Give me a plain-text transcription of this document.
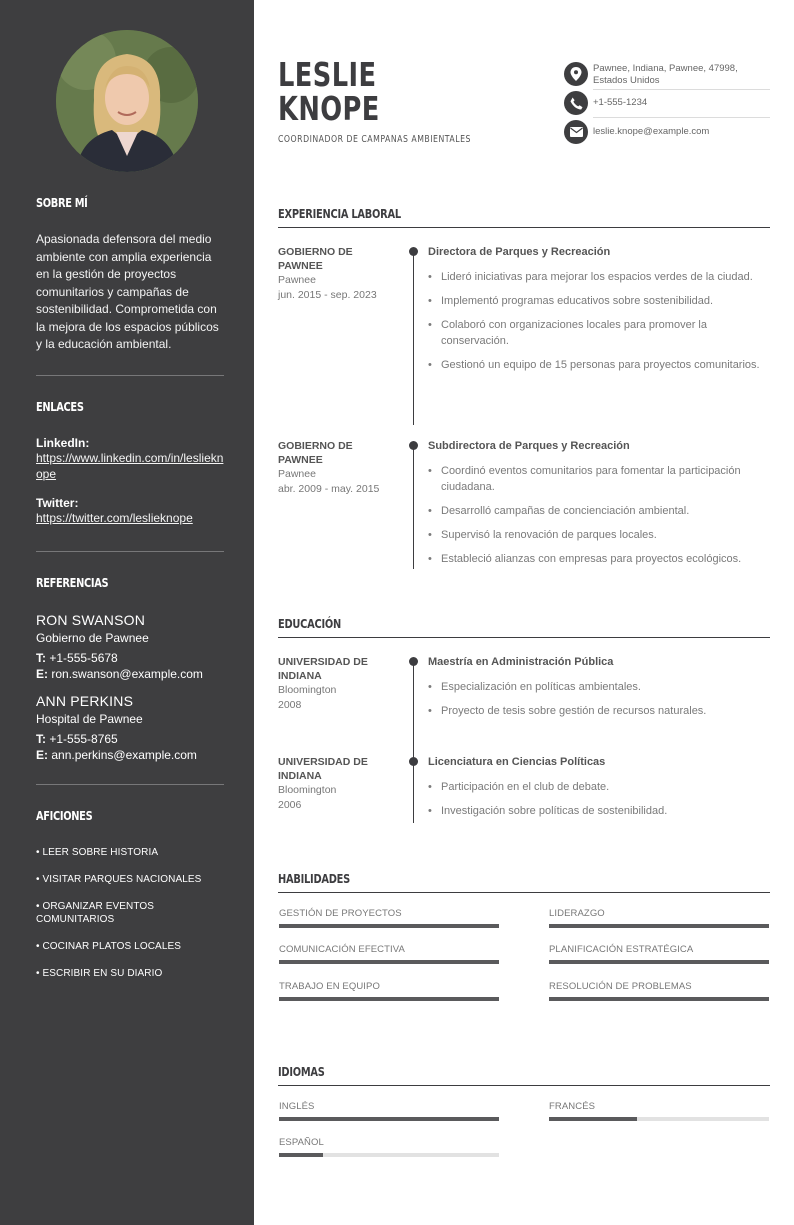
SOBRE MÍ
Apasionada defensora del medio ambiente con amplia experiencia en la gestión de proyectos comunitarios y campañas de sostenibilidad. Comprometida con la mejora de los espacios públicos y la educación ambiental.
ENLACES
LinkedIn:
https://www.linkedin.com/in/leslieknope
Twitter:
https://twitter.com/leslieknope
REFERENCIAS
RON SWANSON
Gobierno de Pawnee
T: +1-555-5678
E: ron.swanson@example.com
ANN PERKINS
Hospital de Pawnee
T: +1-555-8765
E: ann.perkins@example.com
AFICIONES
• LEER SOBRE HISTORIA
• VISITAR PARQUES NACIONALES
• ORGANIZAR EVENTOS COMUNITARIOS
• COCINAR PLATOS LOCALES
• ESCRIBIR EN SU DIARIO
LESLIE
KNOPE
COORDINADOR DE CAMPAÑAS AMBIENTALES
Pawnee, Indiana, Pawnee, 47998, Estados Unidos
+1-555-1234
leslie.knope@example.com
EXPERIENCIA LABORAL
GOBIERNO DE PAWNEE
Pawnee
jun. 2015 - sep. 2023
Directora de Parques y Recreación
• Lideró iniciativas para mejorar los espacios verdes de la ciudad.
• Implementó programas educativos sobre sostenibilidad.
• Colaboró con organizaciones locales para promover la conservación.
• Gestionó un equipo de 15 personas para proyectos comunitarios.
GOBIERNO DE PAWNEE
Pawnee
abr. 2009 - may. 2015
Subdirectora de Parques y Recreación
• Coordinó eventos comunitarios para fomentar la participación ciudadana.
• Desarrolló campañas de concienciación ambiental.
• Supervisó la renovación de parques locales.
• Estableció alianzas con empresas para proyectos ecológicos.
EDUCACIÓN
UNIVERSIDAD DE INDIANA
Bloomington
2008
Maestría en Administración Pública
• Especialización en políticas ambientales.
• Proyecto de tesis sobre gestión de recursos naturales.
UNIVERSIDAD DE INDIANA
Bloomington
2006
Licenciatura en Ciencias Políticas
• Participación en el club de debate.
• Investigación sobre políticas de sostenibilidad.
HABILIDADES
GESTIÓN DE PROYECTOS	LIDERAZGO
COMUNICACIÓN EFECTIVA	PLANIFICACIÓN ESTRATÉGICA
TRABAJO EN EQUIPO	RESOLUCIÓN DE PROBLEMAS
IDIOMAS
INGLÉS	FRANCÉS
ESPAÑOL
